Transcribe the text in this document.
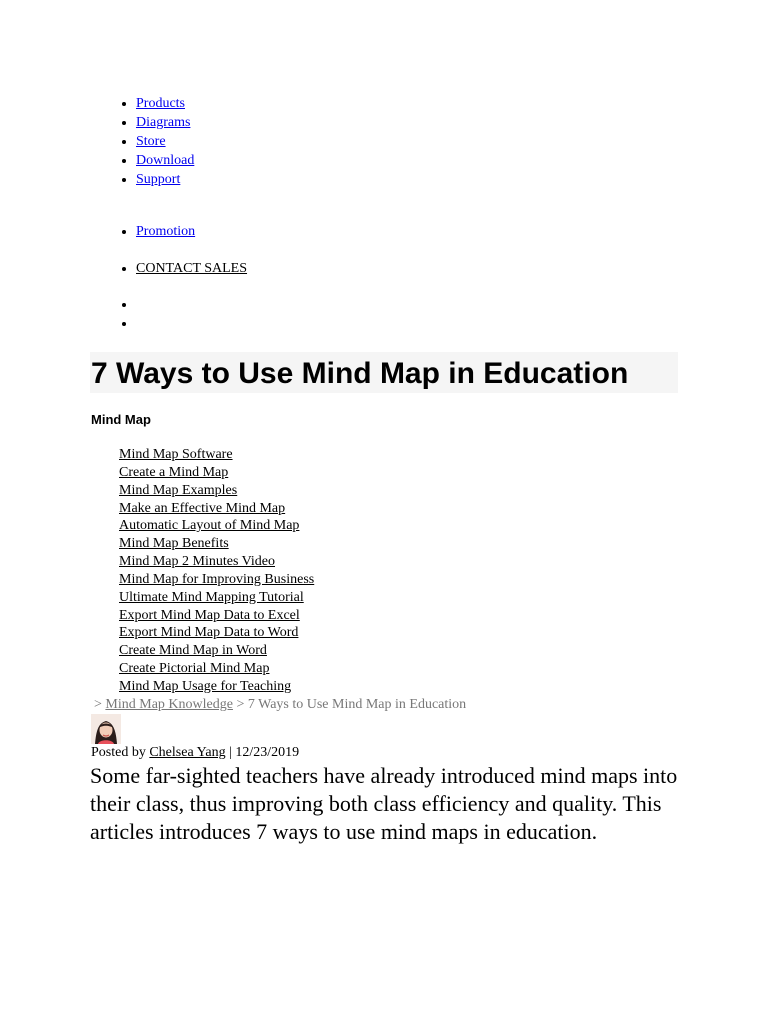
• Products
• Diagrams
• Store
• Download
• Support
• Promotion
• CONTACT SALES
•
•
7 Ways to Use Mind Map in Education
Mind Map
Mind Map Software
Create a Mind Map
Mind Map Examples
Make an Effective Mind Map
Automatic Layout of Mind Map
Mind Map Benefits
Mind Map 2 Minutes Video
Mind Map for Improving Business
Ultimate Mind Mapping Tutorial
Export Mind Map Data to Excel
Export Mind Map Data to Word
Create Mind Map in Word
Create Pictorial Mind Map
Mind Map Usage for Teaching
> Mind Map Knowledge > 7 Ways to Use Mind Map in Education
Posted by Chelsea Yang | 12/23/2019

Some far-sighted teachers have already introduced mind maps into their class, thus improving both class efficiency and quality. This articles introduces 7 ways to use mind maps in education.
